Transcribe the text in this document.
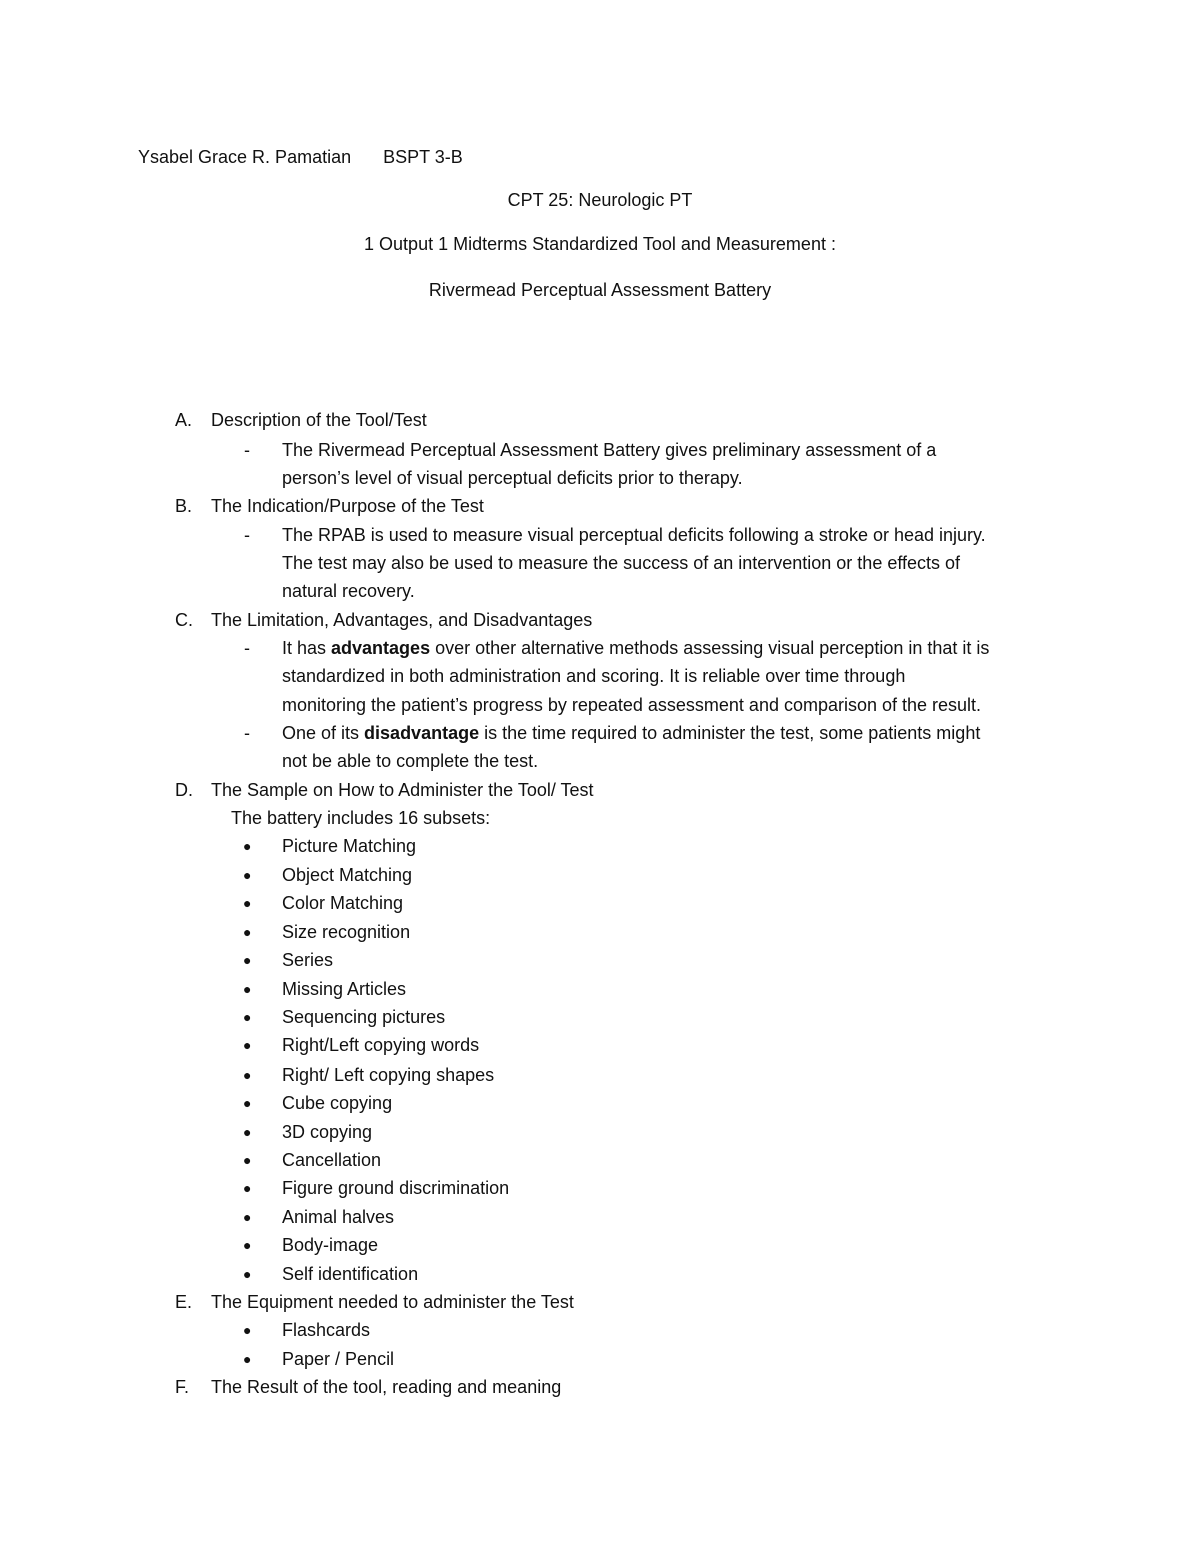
Ysabel Grace R. Pamatian BSPT 3-B
CPT 25: Neurologic PT
1 Output 1 Midterms Standardized Tool and Measurement :
Rivermead Perceptual Assessment Battery
A. Description of the Tool/Test
- The Rivermead Perceptual Assessment Battery gives preliminary assessment of a
person’s level of visual perceptual deficits prior to therapy.
B. The Indication/Purpose of the Test
- The RPAB is used to measure visual perceptual deficits following a stroke or head injury.
The test may also be used to measure the success of an intervention or the effects of
natural recovery.
C. The Limitation, Advantages, and Disadvantages
- It has advantages over other alternative methods assessing visual perception in that it is
standardized in both administration and scoring. It is reliable over time through
monitoring the patient’s progress by repeated assessment and comparison of the result.
- One of its disadvantage is the time required to administer the test, some patients might
not be able to complete the test.
D. The Sample on How to Administer the Tool/ Test
The battery includes 16 subsets:
● Picture Matching
● Object Matching
● Color Matching
● Size recognition
● Series
● Missing Articles
● Sequencing pictures
● Right/Left copying words
● Right/ Left copying shapes
● Cube copying
● 3D copying
● Cancellation
● Figure ground discrimination
● Animal halves
● Body-image
● Self identification
E. The Equipment needed to administer the Test
● Flashcards
● Paper / Pencil
F. The Result of the tool, reading and meaning
